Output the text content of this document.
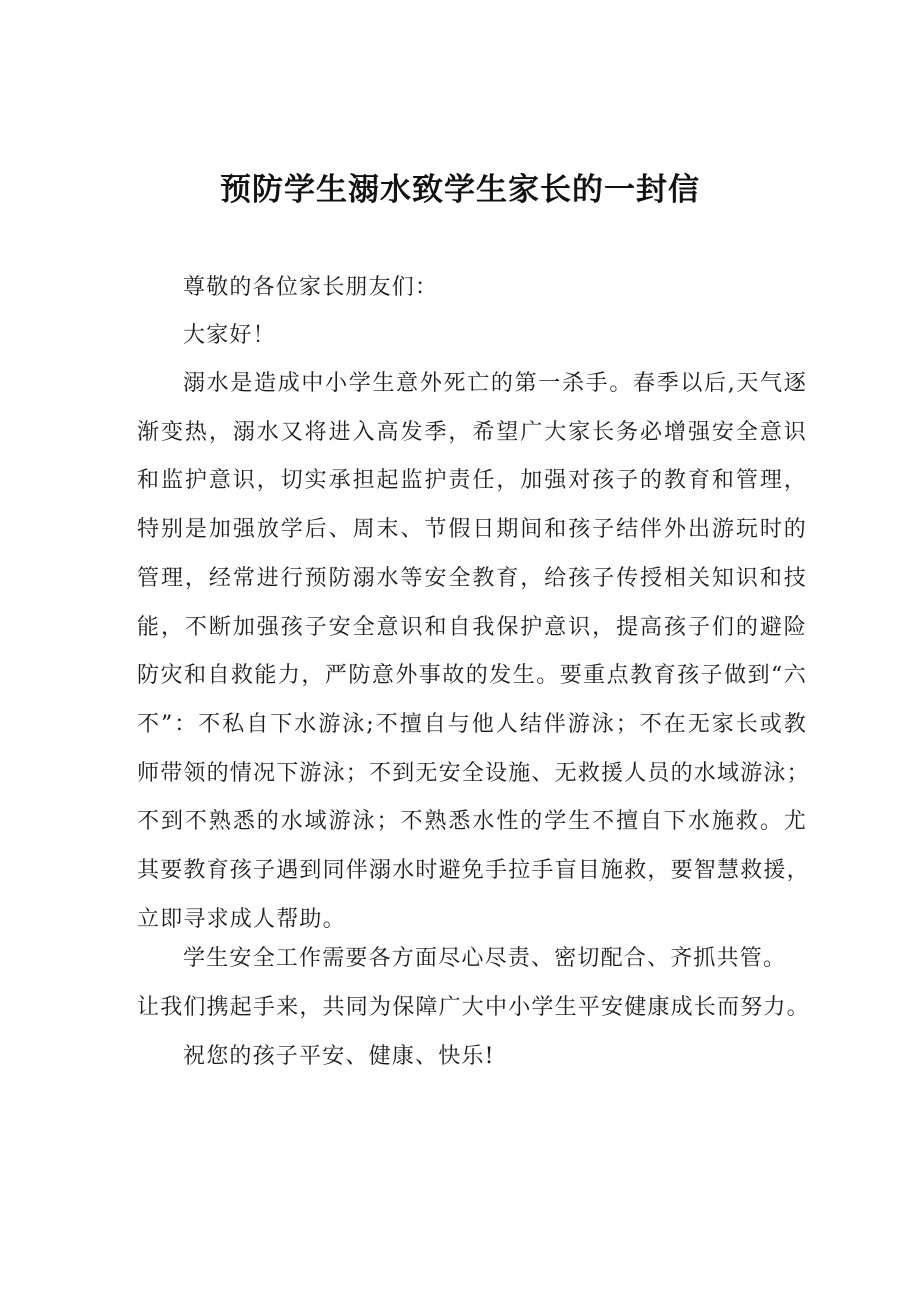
预防学生溺水致学生家长的一封信

尊敬的各位家长朋友们：

大家好！

溺水是造成中小学生意外死亡的第一杀手。春季以后,天气逐
渐变热，溺水又将进入高发季，希望广大家长务必增强安全意识
和监护意识，切实承担起监护责任，加强对孩子的教育和管理，
特别是加强放学后、周末、节假日期间和孩子结伴外出游玩时的
管理，经常进行预防溺水等安全教育，给孩子传授相关知识和技
能，不断加强孩子安全意识和自我保护意识，提高孩子们的避险
防灾和自救能力，严防意外事故的发生。要重点教育孩子做到“六
不”：不私自下水游泳;不擅自与他人结伴游泳；不在无家长或教
师带领的情况下游泳；不到无安全设施、无救援人员的水域游泳；
不到不熟悉的水域游泳；不熟悉水性的学生不擅自下水施救。尤
其要教育孩子遇到同伴溺水时避免手拉手盲目施救，要智慧救援，
立即寻求成人帮助。

学生安全工作需要各方面尽心尽责、密切配合、齐抓共管。
让我们携起手来，共同为保障广大中小学生平安健康成长而努力。

祝您的孩子平安、健康、快乐!
